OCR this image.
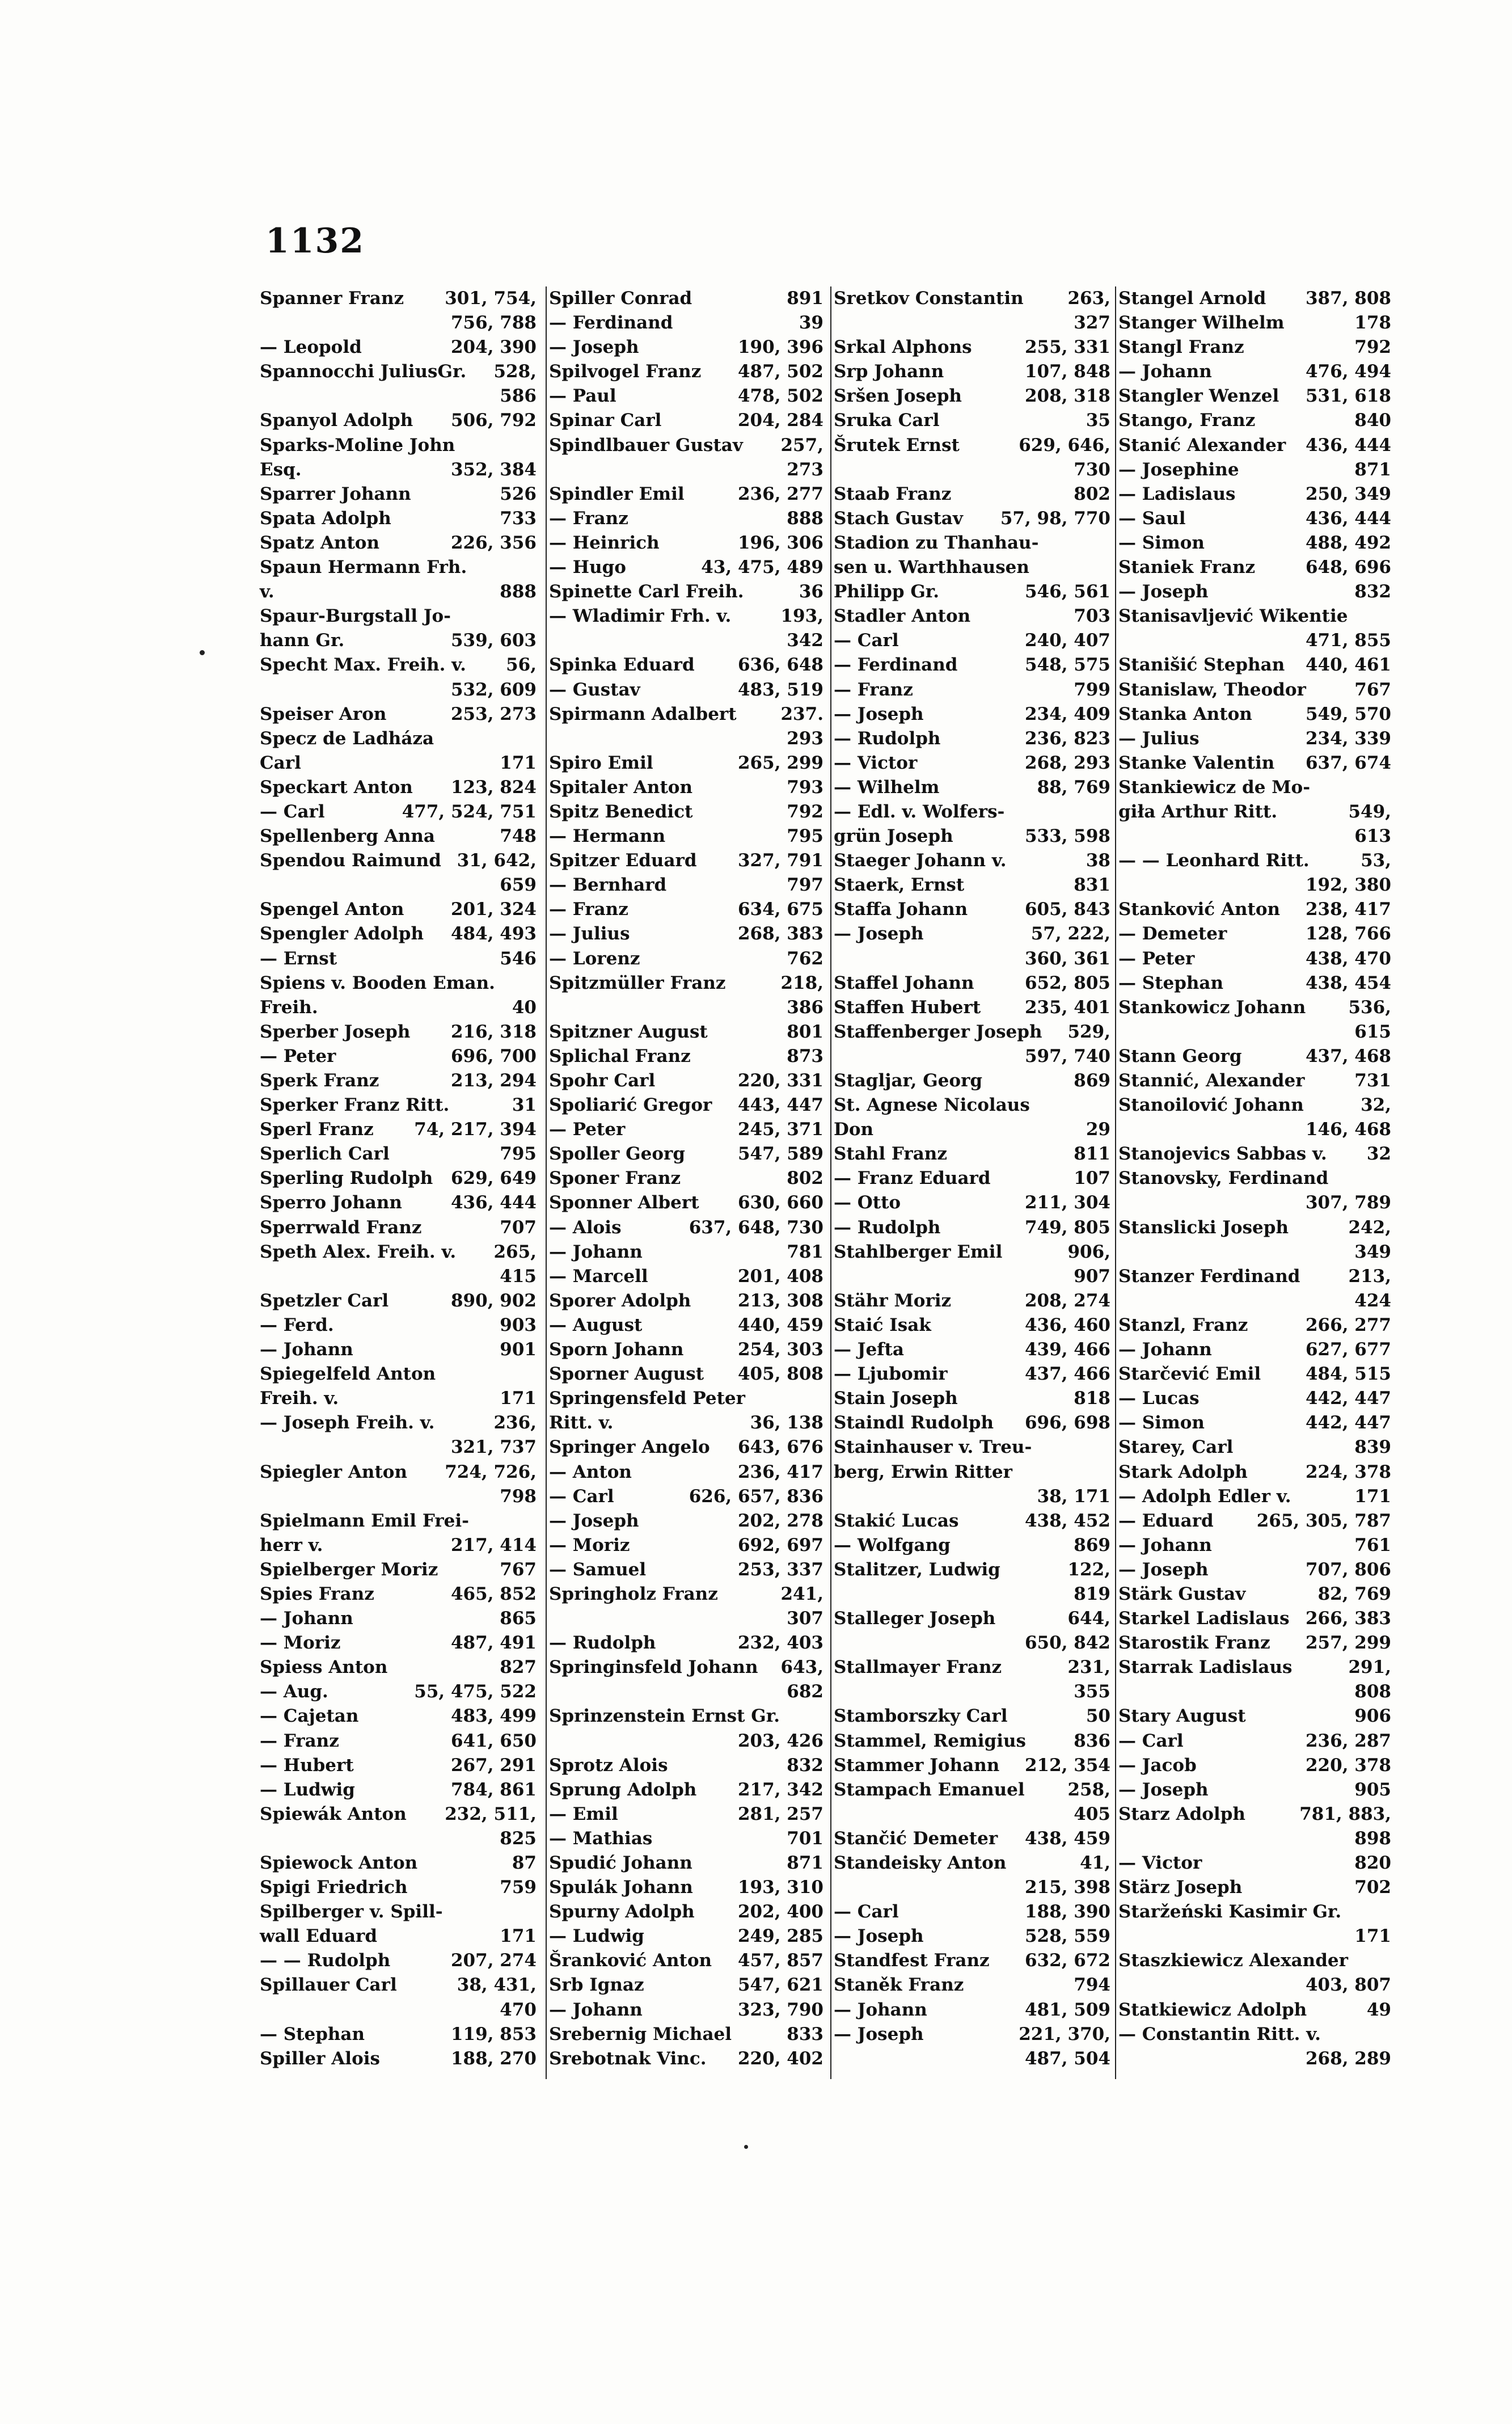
1132
Spanner Franz 301, 754,
756, 788
— Leopold	204, 390
Spannocchi JuliusGr. 528,
586
Spanyol Adolph 506, 792
Sparks-Moline John
Esq.	352, 384
Sparrer Johann	526
Spata Adolph	733
Spatz Anton	226, 356
Spaun Hermann Frh.
v.	888
Spaur-Burgstall Jo-
hann Gr.	539, 603
Specht Max. Freih. v. 56,
532, 609
Speiser Aron	253, 273
Specz de Ladháza
Carl	171
Speckart Anton 123, 824
— Carl	477, 524, 751
Spellenberg Anna	748
Spendou Raimund 31, 642,
659
Spengel Anton	201, 324
Spengler Adolph 484, 493
— Ernst	546
Spiens v. Booden Eman.
Freih.	40
Sperber Joseph 216, 318
— Peter	696, 700
Sperk Franz	213, 294
Sperker Franz Ritt.	31
Sperl Franz 74, 217, 394
Sperlich Carl	795
Sperling Rudolph 629, 649
Sperro Johann	436, 444
Sperrwald Franz	707
Speth Alex. Freih. v. 265,
415
Spetzler Carl	890, 902
— Ferd.	903
— Johann	901
Spiegelfeld Anton
Freih. v.	171
— Joseph Freih. v.	236,
321, 737
Spiegler Anton 724, 726,
798
Spielmann Emil Frei-
herr v.	217, 414
Spielberger Moriz	767
Spies Franz	465, 852
— Johann	865
— Moriz	487, 491
Spiess Anton	827
— Aug.	55, 475, 522
— Cajetan	483, 499
— Franz	641, 650
— Hubert	267, 291
— Ludwig	784, 861
Spiewák Anton 232, 511,
825
Spiewock Anton	87
Spigi Friedrich	759
Spilberger v. Spill-
wall Eduard	171
— — Rudolph	207, 274
Spillauer Carl	38, 431,
470
— Stephan	119, 853
Spiller Alois	188, 270
Spiller Conrad	891
— Ferdinand	39
— Joseph	190, 396
Spilvogel Franz 487, 502
— Paul	478, 502
Spinar Carl	204, 284
Spindlbauer Gustav 257,
273
Spindler Emil	236, 277
— Franz	888
— Heinrich	196, 306
— Hugo	43, 475, 489
Spinette Carl Freih.	36
— Wladimir Frh. v.	193,
342
Spinka Eduard 636, 648
— Gustav	483, 519
Spirmann Adalbert	237.
293
Spiro Emil	265, 299
Spitaler Anton	793
Spitz Benedict	792
— Hermann	795
Spitzer Eduard 327, 791
— Bernhard	797
— Franz	634, 675
— Julius	268, 383
— Lorenz	762
Spitzmüller Franz	218,
386
Spitzner August	801
Splichal Franz	873
Spohr Carl	220, 331
Spoliarić Gregor 443, 447
— Peter	245, 371
Spoller Georg	547, 589
Sponer Franz	802
Sponner Albert 630, 660
— Alois	637, 648, 730
— Johann	781
— Marcell	201, 408
Sporer Adolph	213, 308
— August	440, 459
Sporn Johann	254, 303
Sporner August 405, 808
Springensfeld Peter
Ritt. v.	36, 138
Springer Angelo 643, 676
— Anton	236, 417
— Carl	626, 657, 836
— Joseph	202, 278
— Moriz	692, 697
— Samuel	253, 337
Springholz Franz	241,
307
— Rudolph	232, 403
Springinsfeld Johann 643,
682
Sprinzenstein Ernst Gr.
203, 426
Sprotz Alois	832
Sprung Adolph 217, 342
— Emil	281, 257
— Mathias	701
Spudić Johann	871
Spulák Johann	193, 310
Spurny Adolph 202, 400
— Ludwig	249, 285
Šranković Anton 457, 857
Srb Ignaz	547, 621
— Johann	323, 790
Srebernig Michael	833
Srebotnak Vinc. 220, 402
Sretkov Constantin	263,
327
Srkal Alphons	255, 331
Srp Johann	107, 848
Sršen Joseph	208, 318
Sruka Carl	35
Šrutek Ernst	629, 646,
730
Staab Franz	802
Stach Gustav 57, 98, 770
Stadion zu Thanhau-
sen u. Warthhausen
Philipp Gr.	546, 561
Stadler Anton	703
— Carl	240, 407
— Ferdinand	548, 575
— Franz	799
— Joseph	234, 409
— Rudolph	236, 823
— Victor	268, 293
— Wilhelm	88, 769
— Edl. v. Wolfers-
grün Joseph	533, 598
Staeger Johann v.	38
Staerk, Ernst	831
Staffa Johann	605, 843
— Joseph	57, 222,
360, 361
Staffel Johann	652, 805
Staffen Hubert	235, 401
Staffenberger Joseph 529,
597, 740
Stagljar, Georg	869
St. Agnese Nicolaus
Don	29
Stahl Franz	811
— Franz Eduard	107
— Otto	211, 304
— Rudolph	749, 805
Stahlberger Emil	906,
907
Stähr Moriz	208, 274
Staić Isak	436, 460
— Jefta	439, 466
— Ljubomir	437, 466
Stain Joseph	818
Staindl Rudolph 696, 698
Stainhauser v. Treu-
berg, Erwin Ritter
38, 171
Stakić Lucas	438, 452
— Wolfgang	869
Stalitzer, Ludwig	122,
819
Stalleger Joseph	644,
650, 842
Stallmayer Franz	231,
355
Stamborszky Carl	50
Stammel, Remigius	836
Stammer Johann 212, 354
Stampach Emanuel 258,
405
Stančić Demeter 438, 459
Standeisky Anton	41,
215, 398
— Carl	188, 390
— Joseph	528, 559
Standfest Franz 632, 672
Staněk Franz	794
— Johann	481, 509
— Joseph	221, 370,
487, 504
Stangel Arnold 387, 808
Stanger Wilhelm	178
Stangl Franz	792
— Johann	476, 494
Stangler Wenzel 531, 618
Stango, Franz	840
Stanić Alexander 436, 444
— Josephine	871
— Ladislaus	250, 349
— Saul	436, 444
— Simon	488, 492
Staniek Franz	648, 696
— Joseph	832
Stanisavljević Wikentie
471, 855
Stanišić Stephan 440, 461
Stanislaw, Theodor	767
Stanka Anton	549, 570
— Julius	234, 339
Stanke Valentin 637, 674
Stankiewicz de Mo-
giła Arthur Ritt.	549,
613
— — Leonhard Ritt.	53,
192, 380
Stanković Anton 238, 417
— Demeter	128, 766
— Peter	438, 470
— Stephan	438, 454
Stankowicz Johann 536,
615
Stann Georg	437, 468
Stannić, Alexander	731
Stanoilović Johann	32,
146, 468
Stanojevics Sabbas v. 32
Stanovsky, Ferdinand
307, 789
Stanslicki Joseph	242,
349
Stanzer Ferdinand	213,
424
Stanzl, Franz	266, 277
— Johann	627, 677
Starčević Emil	484, 515
— Lucas	442, 447
— Simon	442, 447
Starey, Carl	839
Stark Adolph	224, 378
— Adolph Edler v.	171
— Eduard 265, 305, 787
— Johann	761
— Joseph	707, 806
Stärk Gustav	82, 769
Starkel Ladislaus 266, 383
Starostik Franz 257, 299
Starrak Ladislaus	291,
808
Stary August	906
— Carl	236, 287
— Jacob	220, 378
— Joseph	905
Starz Adolph	781, 883,
898
— Victor	820
Stärz Joseph	702
Staržeński Kasimir Gr.
171
Staszkiewicz Alexander
403, 807
Statkiewicz Adolph	49
— Constantin Ritt. v.
268, 289
